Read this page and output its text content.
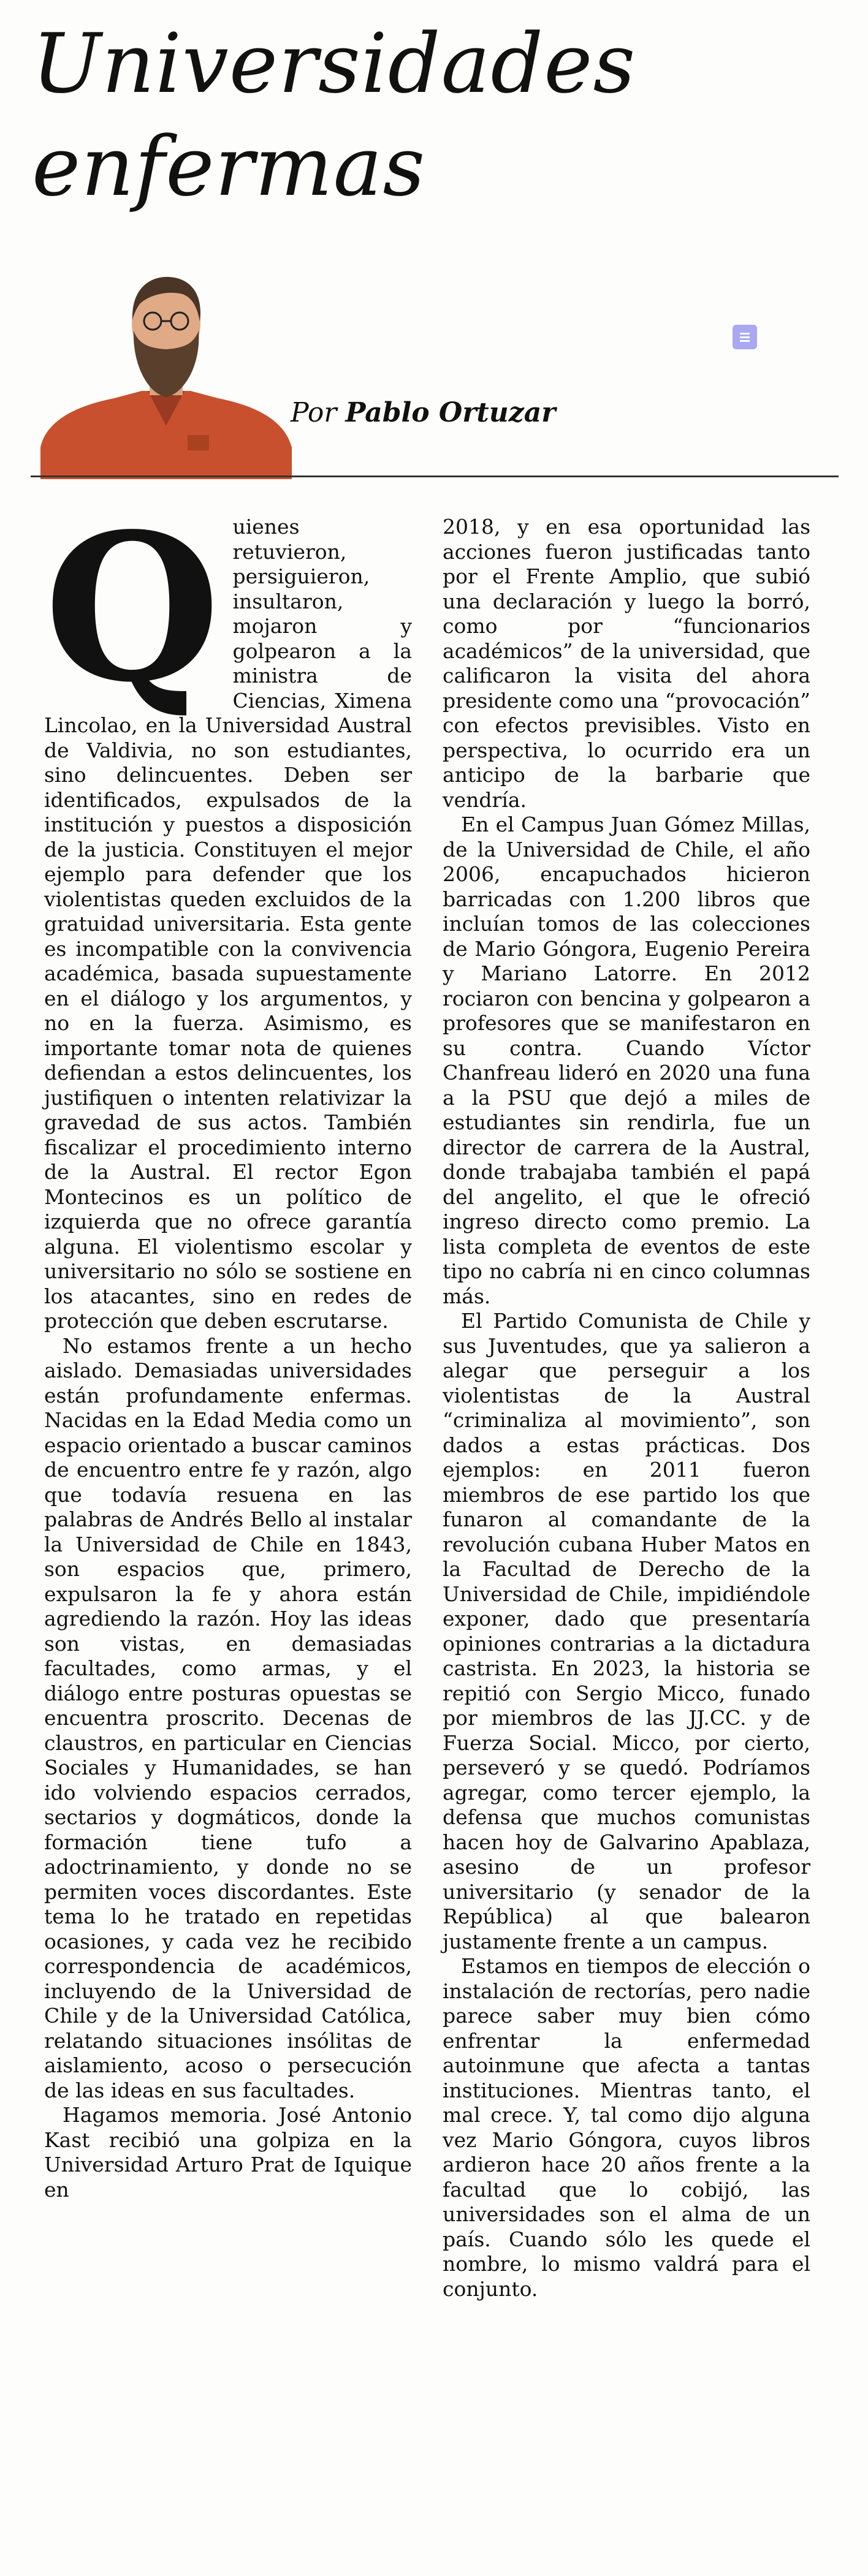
Universidades
enfermas
Por Pablo Ortuzar
Q uienes retuvieron, persiguieron, insultaron, mojaron y golpearon a la ministra de Ciencias, Ximena Lincolao, en la Universidad Austral de Valdivia, no son estudiantes, sino delincuentes. Deben ser identificados, expulsados de la institución y puestos a disposición de la justicia. Constituyen el mejor ejemplo para defender que los violentistas queden excluidos de la gratuidad universitaria. Esta gente es incompatible con la convivencia académica, basada supuestamente en el diálogo y los argumentos, y no en la fuerza. Asimismo, es importante tomar nota de quienes defiendan a estos delincuentes, los justifiquen o intenten relativizar la gravedad de sus actos. También fiscalizar el procedimiento interno de la Austral. El rector Egon Montecinos es un político de izquierda que no ofrece garantía alguna. El violentismo escolar y universitario no sólo se sostiene en los atacantes, sino en redes de protección que deben escrutarse.

No estamos frente a un hecho aislado. Demasiadas universidades están profundamente enfermas. Nacidas en la Edad Media como un espacio orientado a buscar caminos de encuentro entre fe y razón, algo que todavía resuena en las palabras de Andrés Bello al instalar la Universidad de Chile en 1843, son espacios que, primero, expulsaron la fe y ahora están agrediendo la razón. Hoy las ideas son vistas, en demasiadas facultades, como armas, y el diálogo entre posturas opuestas se encuentra proscrito. Decenas de claustros, en particular en Ciencias Sociales y Humanidades, se han ido volviendo espacios cerrados, sectarios y dogmáticos, donde la formación tiene tufo a adoctrinamiento, y donde no se permiten voces discordantes. Este tema lo he tratado en repetidas ocasiones, y cada vez he recibido correspondencia de académicos, incluyendo de la Universidad de Chile y de la Universidad Católica, relatando situaciones insólitas de aislamiento, acoso o persecución de las ideas en sus facultades.

Hagamos memoria. José Antonio Kast recibió una golpiza en la Universidad Arturo Prat de Iquique en

2018, y en esa oportunidad las acciones fueron justificadas tanto por el Frente Amplio, que subió una declaración y luego la borró, como por “funcionarios académicos” de la universidad, que calificaron la visita del ahora presidente como una “provocación” con efectos previsibles. Visto en perspectiva, lo ocurrido era un anticipo de la barbarie que vendría.

En el Campus Juan Gómez Millas, de la Universidad de Chile, el año 2006, encapuchados hicieron barricadas con 1.200 libros que incluían tomos de las colecciones de Mario Góngora, Eugenio Pereira y Mariano Latorre. En 2012 rociaron con bencina y golpearon a profesores que se manifestaron en su contra. Cuando Víctor Chanfreau lideró en 2020 una funa a la PSU que dejó a miles de estudiantes sin rendirla, fue un director de carrera de la Austral, donde trabajaba también el papá del angelito, el que le ofreció ingreso directo como premio. La lista completa de eventos de este tipo no cabría ni en cinco columnas más.

El Partido Comunista de Chile y sus Juventudes, que ya salieron a alegar que perseguir a los violentistas de la Austral “criminaliza al movimiento”, son dados a estas prácticas. Dos ejemplos: en 2011 fueron miembros de ese partido los que funaron al comandante de la revolución cubana Huber Matos en la Facultad de Derecho de la Universidad de Chile, impidiéndole exponer, dado que presentaría opiniones contrarias a la dictadura castrista. En 2023, la historia se repitió con Sergio Micco, funado por miembros de las JJ.CC. y de Fuerza Social. Micco, por cierto, perseveró y se quedó. Podríamos agregar, como tercer ejemplo, la defensa que muchos comunistas hacen hoy de Galvarino Apablaza, asesino de un profesor universitario (y senador de la República) al que balearon justamente frente a un campus.

Estamos en tiempos de elección o instalación de rectorías, pero nadie parece saber muy bien cómo enfrentar la enfermedad autoinmune que afecta a tantas instituciones. Mientras tanto, el mal crece. Y, tal como dijo alguna vez Mario Góngora, cuyos libros ardieron hace 20 años frente a la facultad que lo cobijó, las universidades son el alma de un país. Cuando sólo les quede el nombre, lo mismo valdrá para el conjunto.
